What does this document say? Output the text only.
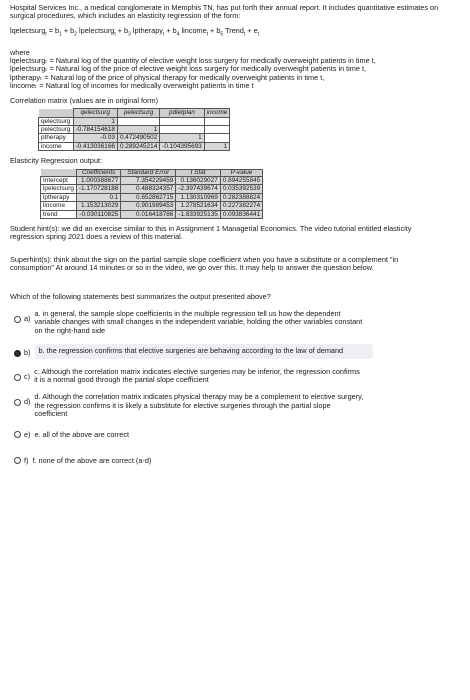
Hospital Services Inc., a medical conglomerate in Memphis TN, has put forth their annual report. It includes quantitative estimates on surgical procedures, which includes an elasticity regression of the form:

lqelectsurg$_t$ = $b_1 + b_2$ lpelectsurg$_t$ + $b_3$ lptherapy$_t$ + $b_4$ lincome$_t$ + $b_5$ Trend$_t$ + $e_t$

where

lqelectsurgₜ = Natural log of the quantity of elective weight loss surgery for medically overweight patients in time t,

lpelectsurgₜ = Natural log of the price of elective weight loss surgery for medically overweight patients in time t,

lptherapyₜ = Natural log of the price of physical therapy for medically overweight patients in time t,

lincomeₜ = Natural log of incomes for medically overweight patients in time t

Correlation matrix (values are in original form)

	qelectsurg	pelectsurg	pdietplan	income
qelectsurg	1			
pelectsurg	-0.784154618	1		
ptherapy	-0.03	0.472490502	1	
income	-0.413036166	0.289245214	-0.104395693	1

Elasticity Regression output:

	Coefficients	Standard Error	t Stat	P-value
Intercept	1.000388677	7.354229459	0.136029027	0.894255845
lpelectsurg	-1.170728188	0.488324357	-2.397439674	0.035392539
lptherapy	0.1	0.652862715	1.130310969	0.282388824
lincome	1.153213029	0.901989453	1.278521634	0.227382274
trend	-0.030110825	0.016418786	-1.833925135	0.093836441

Student hint(s): we did an exercise similar to this in Assignment 1 Managerial Economics. The video tutorial entitled elasticity regression spring 2021 does a review of this material.

Superhint(s): think about the sign on the partial sample slope coefficient when you have a substitute or a complement "in consumption" At around 14 minutes or so in the video, we go over this. It may help to answer the question below.

Which of the following statements best summarizes the output presented above?

a)
a. in general, the sample slope coefficients in the multiple regression tell us how the dependent variable changes with small changes in the independent variable, holding the other variables constant on the right-hand side
b)	b. the regression confirms that elective surgeries are behaving according to the law of demand
c)
c. Although the correlation matrix indicates elective surgeries may be inferior, the regression confirms it is a normal good through the partial slope coefficient
d)
d. Although the correlation matrix indicates physical therapy may be a complement to elective surgery, the regression confirms it is likely a substitute for elective surgeries through the partial slope coefficient
e) e. all of the above are correct
f) f. none of the above are correct (a-d)
